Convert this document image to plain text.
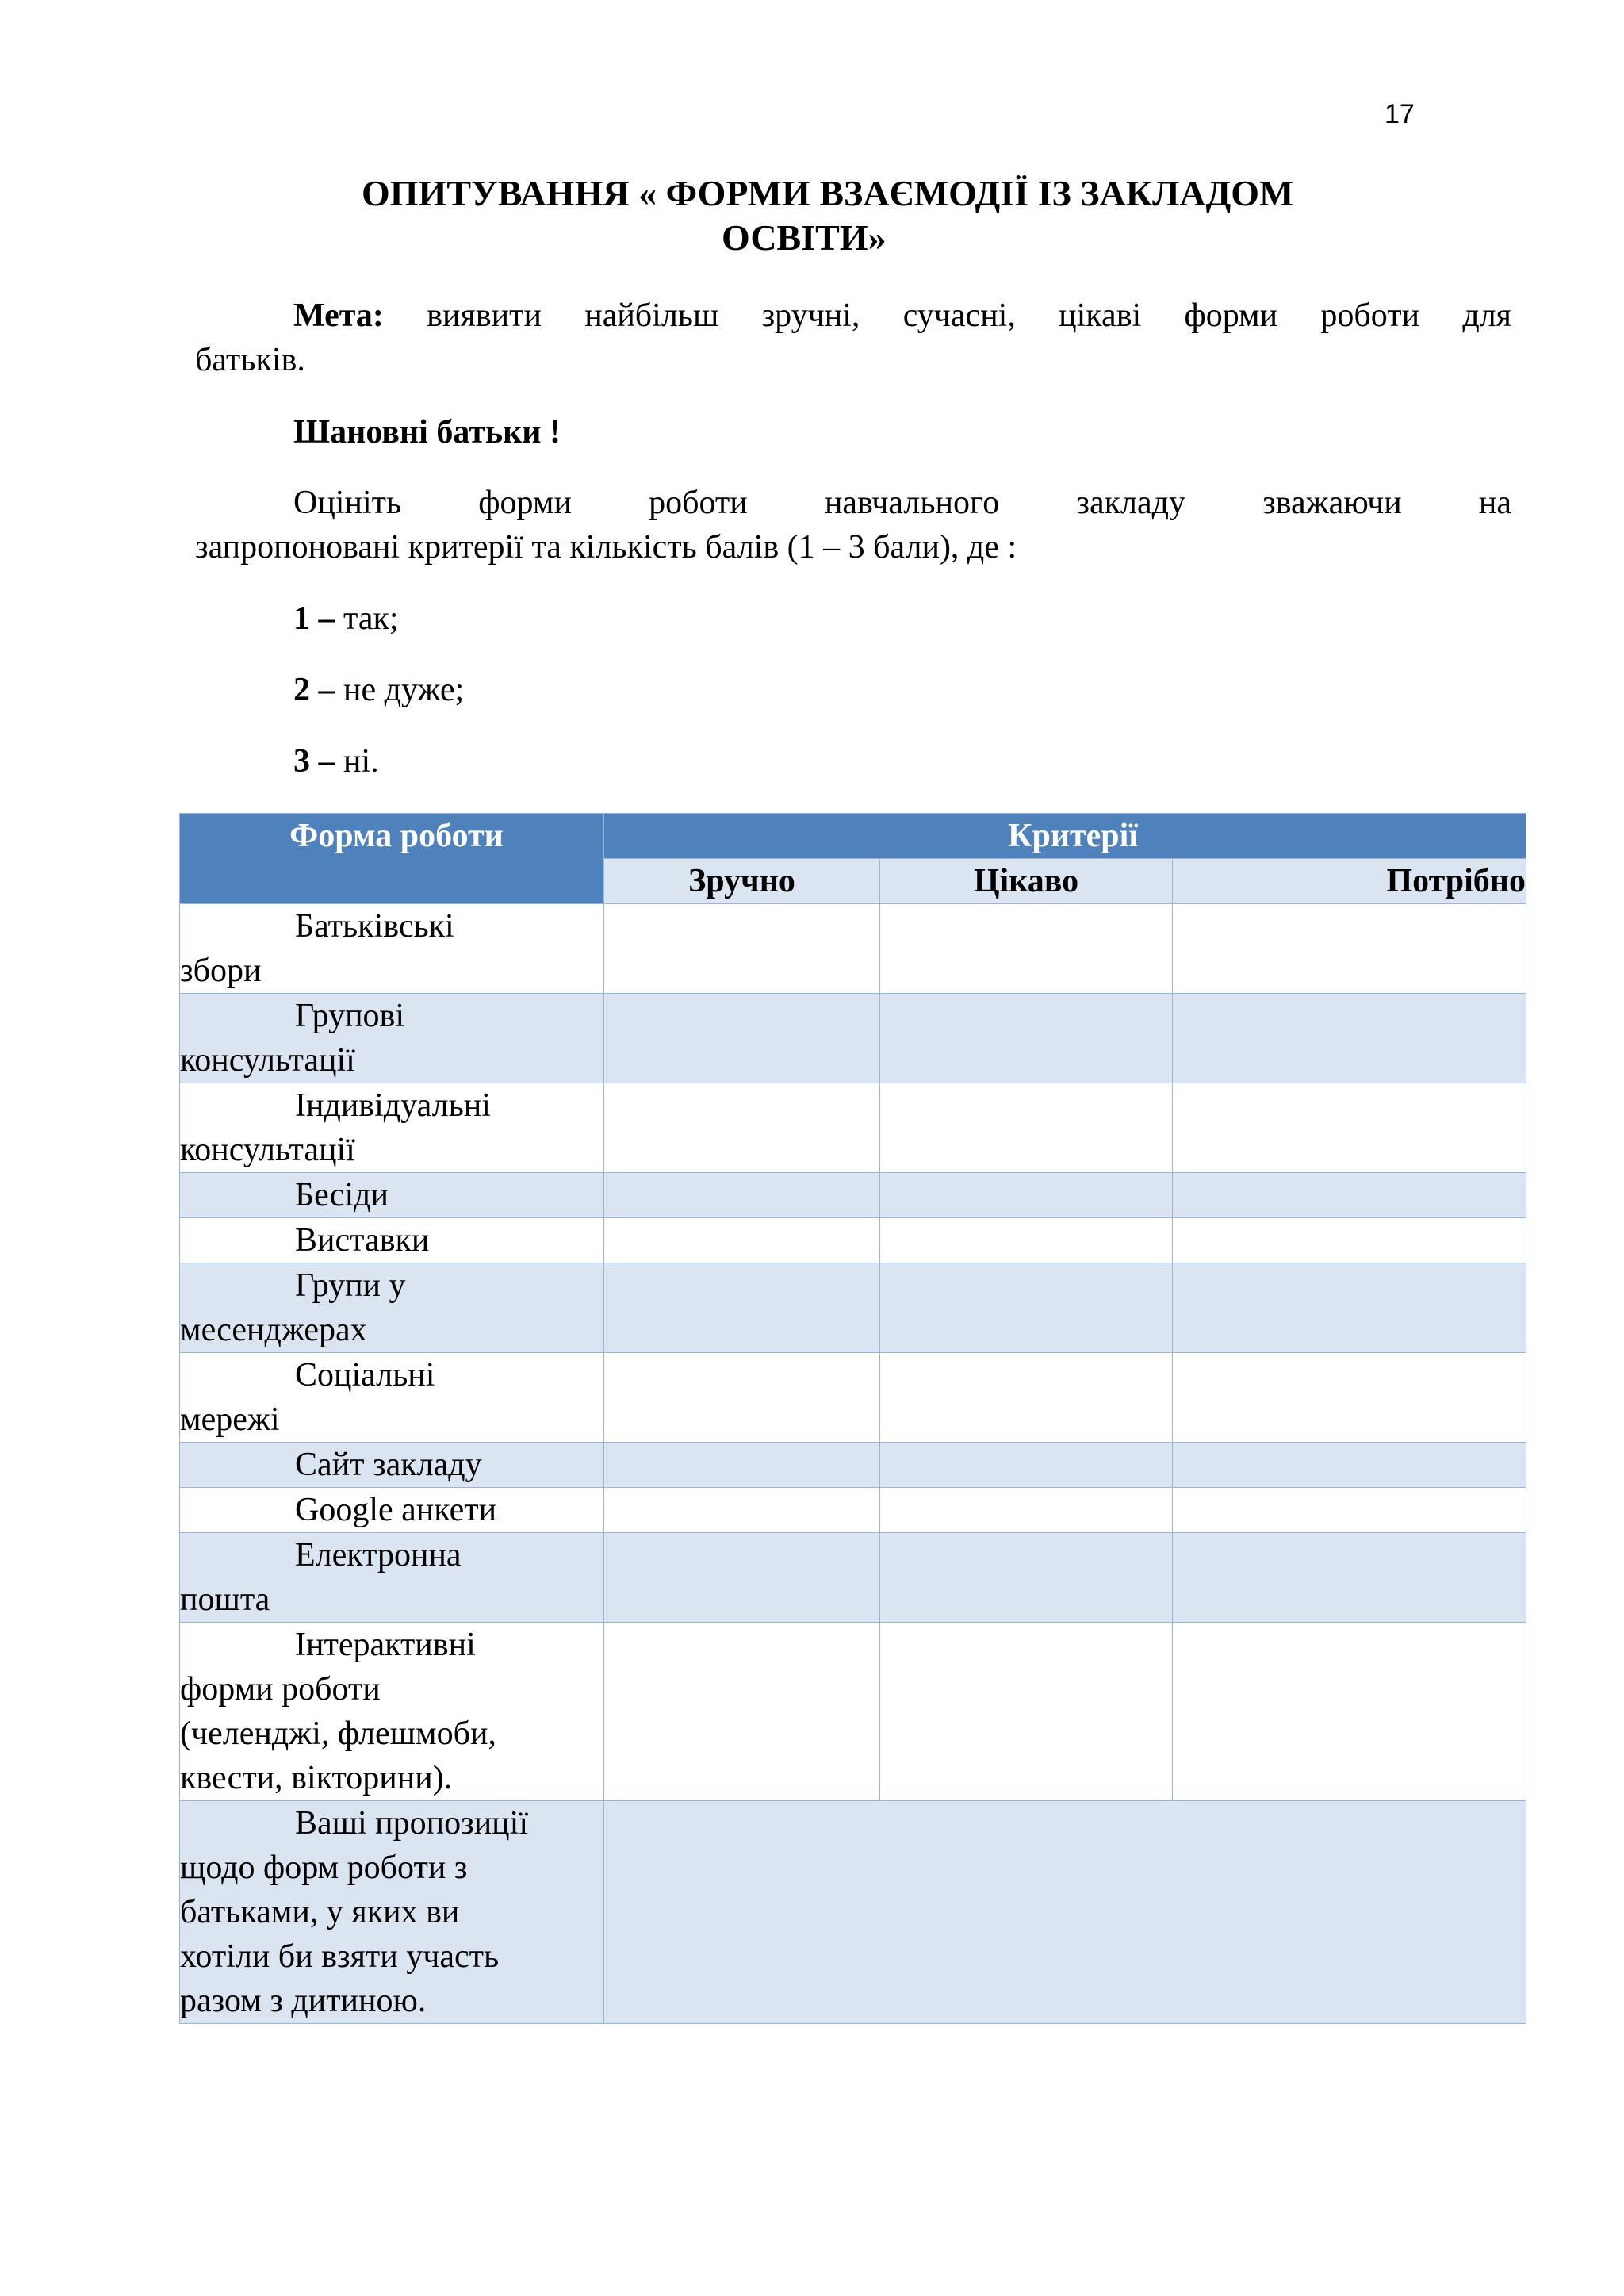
17
ОПИТУВАННЯ « ФОРМИ ВЗАЄМОДІЇ ІЗ ЗАКЛАДОМ
ОСВІТИ»
Мета: виявити найбільш зручні, сучасні, цікаві форми роботи для
батьків.
Шановні батьки !
Оцініть форми роботи навчального закладу зважаючи на
запропоновані критерії та кількість балів (1 – 3 бали), де :
1 – так;
2 – не дуже;
3 – ні.
Форма роботи	Критерії		

	Зручно	Цікаво	Потрібно

Батьківські
збори			

Групові
консультації			

Індивідуальні
консультації			

Бесіди			

Виставки			

Групи у
месенджерах			

Соціальні
мережі			

Сайт закладу			

Google анкети			

Електронна
пошта			

Інтерактивні
форми роботи
(челенджі, флешмоби,
квести, вікторини).			

Ваші пропозиції
щодо форм роботи з
батьками, у яких ви
хотіли би взяти участь
разом з дитиною.			
